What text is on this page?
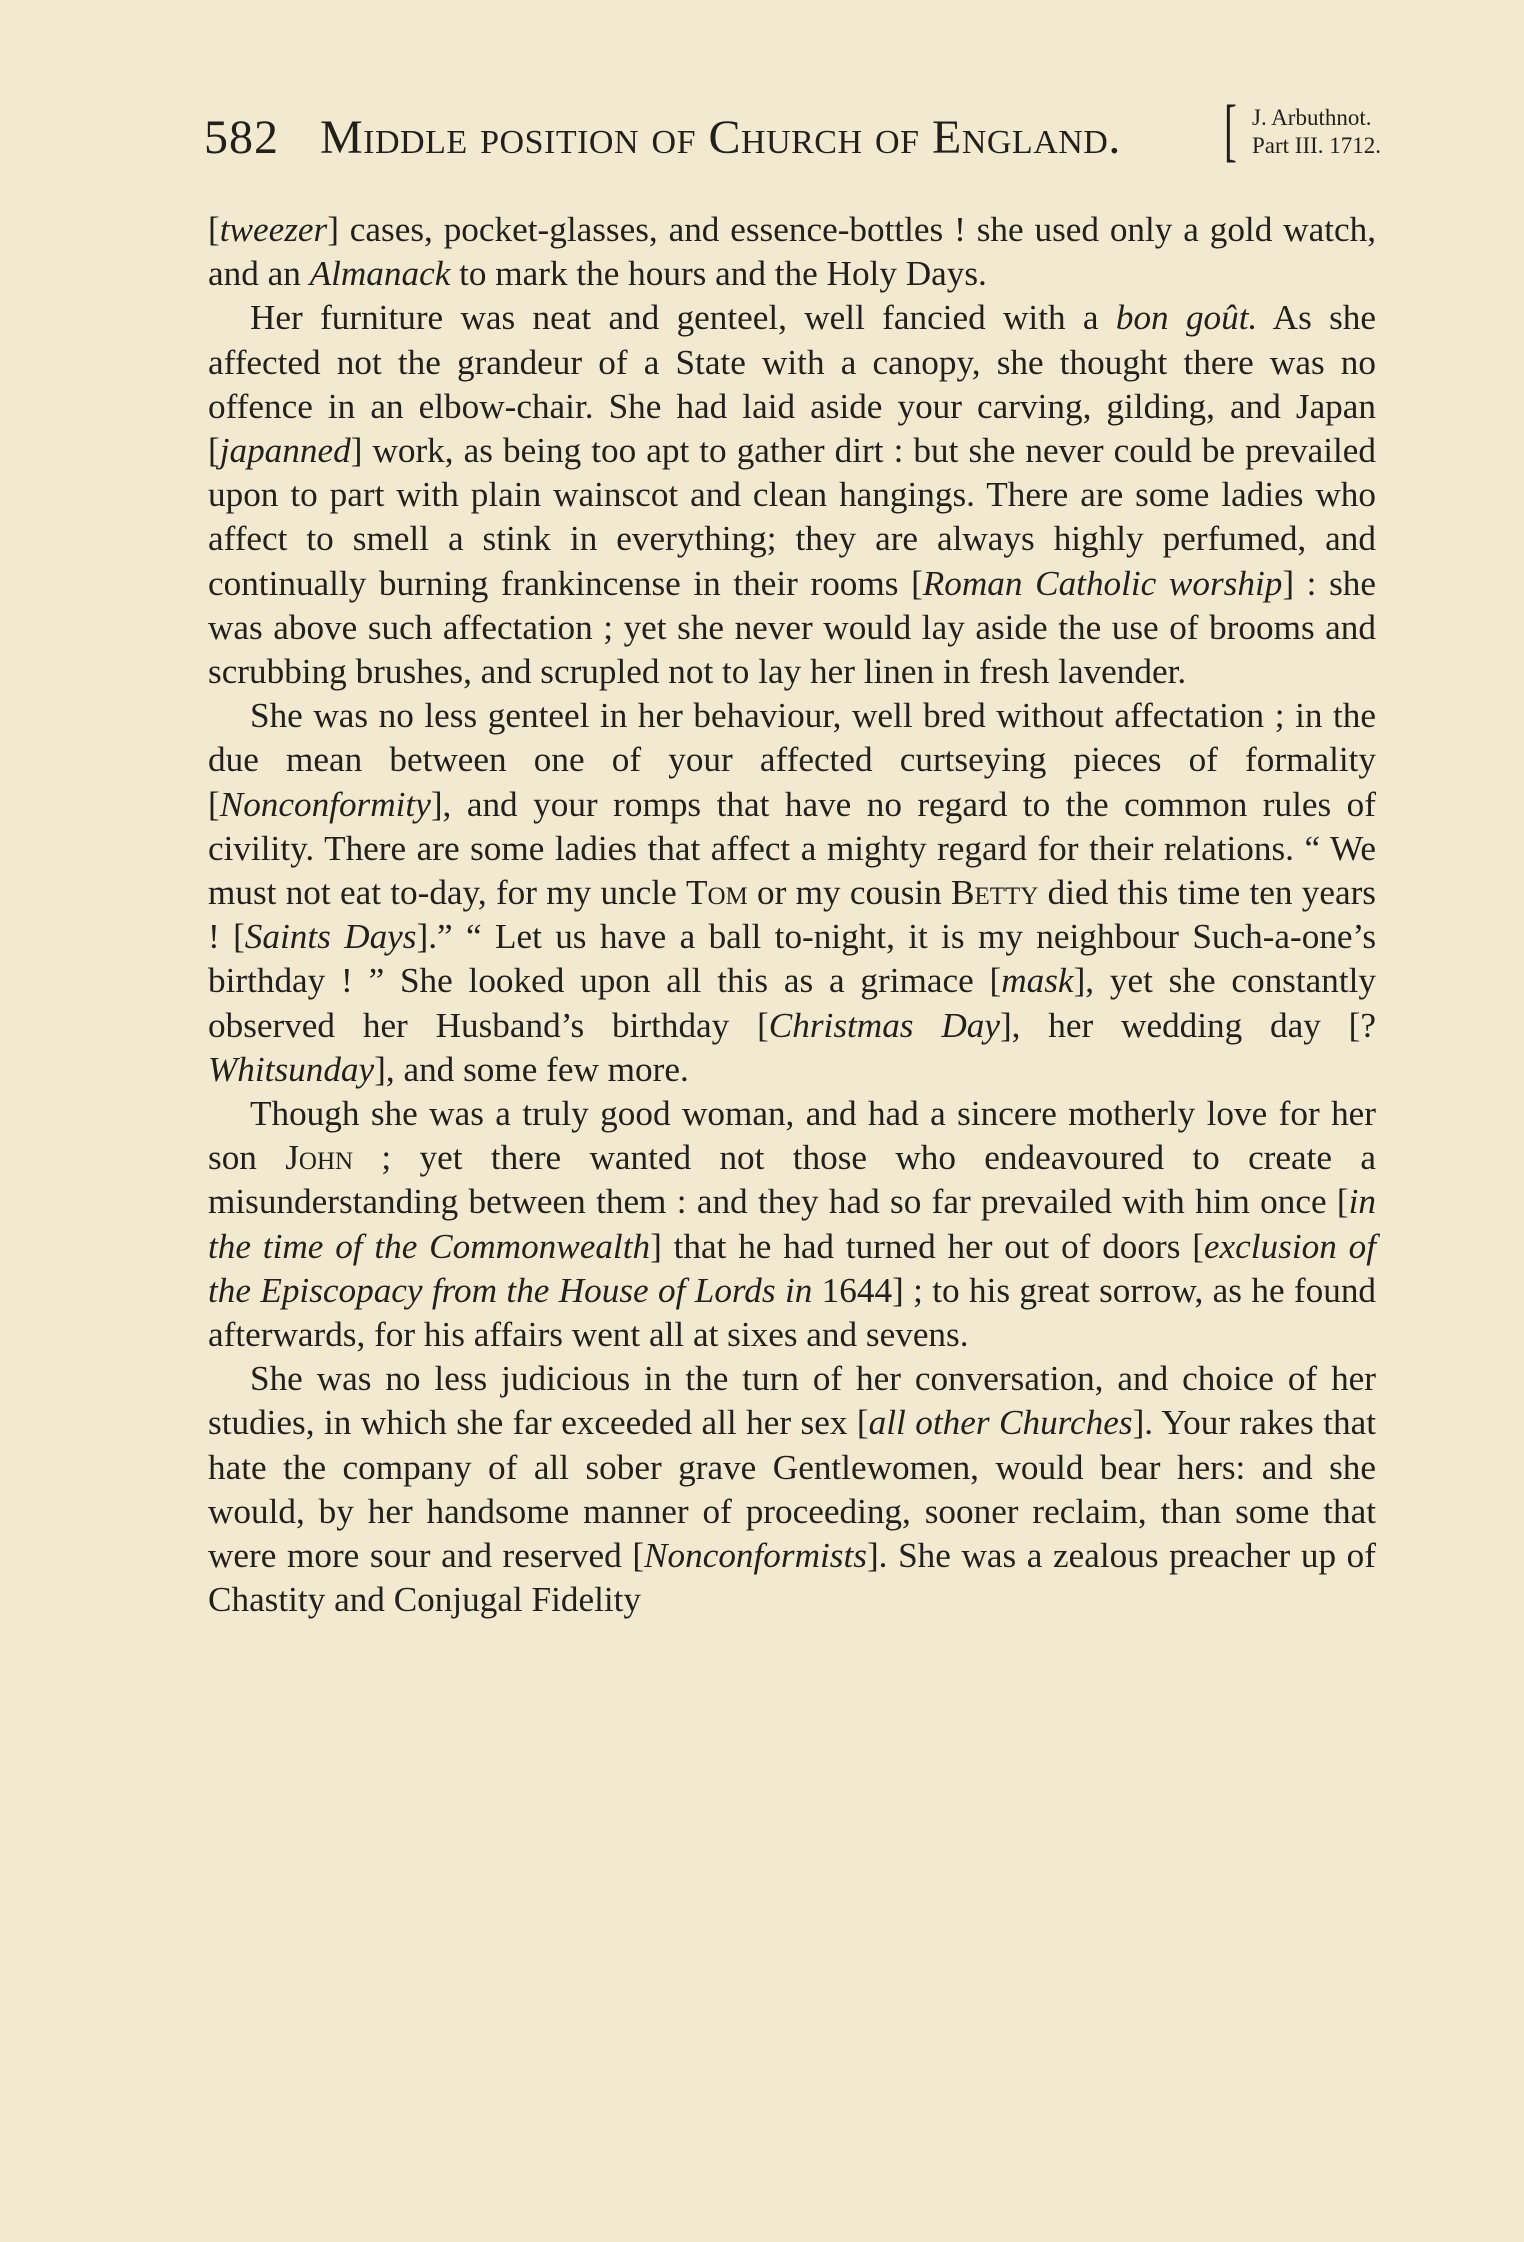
582 Middle position of Church of England. [ J. Arbuthnot.
Part III. 1712.

[tweezer] cases, pocket-glasses, and essence-bottles ! she used only a gold watch, and an Almanack to mark the hours and the Holy Days.

Her furniture was neat and genteel, well fancied with a bon goût. As she affected not the grandeur of a State with a canopy, she thought there was no offence in an elbow-chair. She had laid aside your carving, gilding, and Japan [japanned] work, as being too apt to gather dirt : but she never could be prevailed upon to part with plain wainscot and clean hangings. There are some ladies who affect to smell a stink in everything; they are always highly perfumed, and continually burning frankincense in their rooms [Roman Catholic worship] : she was above such affectation ; yet she never would lay aside the use of brooms and scrubbing brushes, and scrupled not to lay her linen in fresh lavender.

She was no less genteel in her behaviour, well bred without affectation ; in the due mean between one of your affected curtseying pieces of formality [Nonconformity], and your romps that have no regard to the common rules of civility. There are some ladies that affect a mighty regard for their relations. “ We must not eat to-day, for my uncle Tom or my cousin Betty died this time ten years ! [Saints Days].” “ Let us have a ball to-night, it is my neighbour Such-a-one’s birthday ! ” She looked upon all this as a grimace [mask], yet she constantly observed her Husband’s birthday [Christmas Day], her wedding day [? Whitsunday], and some few more.

Though she was a truly good woman, and had a sincere motherly love for her son John ; yet there wanted not those who endeavoured to create a misunderstanding between them : and they had so far prevailed with him once [in the time of the Commonwealth] that he had turned her out of doors [exclusion of the Episcopacy from the House of Lords in 1644] ; to his great sorrow, as he found afterwards, for his affairs went all at sixes and sevens.

She was no less judicious in the turn of her conversation, and choice of her studies, in which she far exceeded all her sex [all other Churches]. Your rakes that hate the company of all sober grave Gentlewomen, would bear hers: and she would, by her handsome manner of proceeding, sooner reclaim, than some that were more sour and reserved [Nonconformists]. She was a zealous preacher up of Chastity and Conjugal Fidelity
